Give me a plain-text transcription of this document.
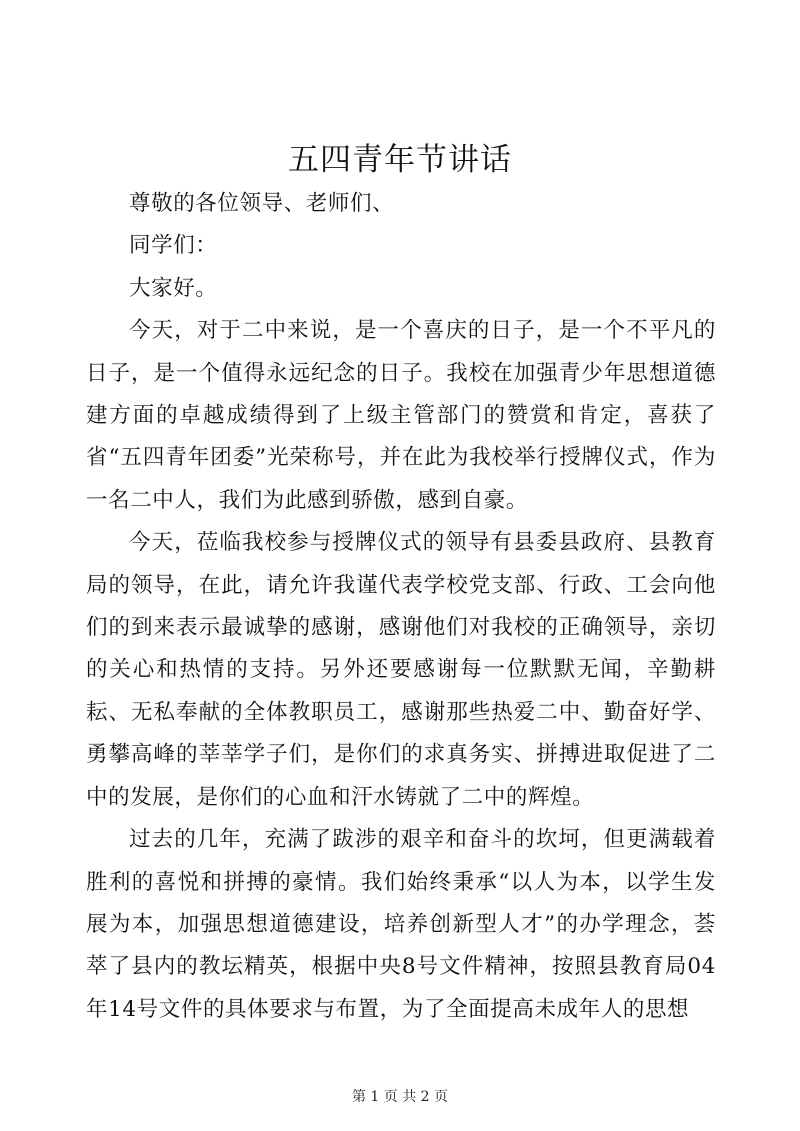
五四青年节讲话

尊敬的各位领导、老师们、

同学们：

大家好。

今天，对于二中来说，是一个喜庆的日子，是一个不平凡的日子，是一个值得永远纪念的日子。我校在加强青少年思想道德建方面的卓越成绩得到了上级主管部门的赞赏和肯定，喜获了省“五四青年团委”光荣称号，并在此为我校举行授牌仪式，作为一名二中人，我们为此感到骄傲，感到自豪。

今天，莅临我校参与授牌仪式的领导有县委县政府、县教育局的领导，在此，请允许我谨代表学校党支部、行政、工会向他们的到来表示最诚挚的感谢，感谢他们对我校的正确领导，亲切的关心和热情的支持。另外还要感谢每一位默默无闻，辛勤耕耘、无私奉献的全体教职员工，感谢那些热爱二中、勤奋好学、勇攀高峰的莘莘学子们，是你们的求真务实、拼搏进取促进了二中的发展，是你们的心血和汗水铸就了二中的辉煌。

过去的几年，充满了跋涉的艰辛和奋斗的坎坷，但更满载着胜利的喜悦和拼搏的豪情。我们始终秉承“以人为本，以学生发展为本，加强思想道德建设，培养创新型人才”的办学理念，荟萃了县内的教坛精英，根据中央8号文件精神，按照县教育局04年14号文件的具体要求与布置，为了全面提高未成年人的思想

第 1 页 共 2 页
